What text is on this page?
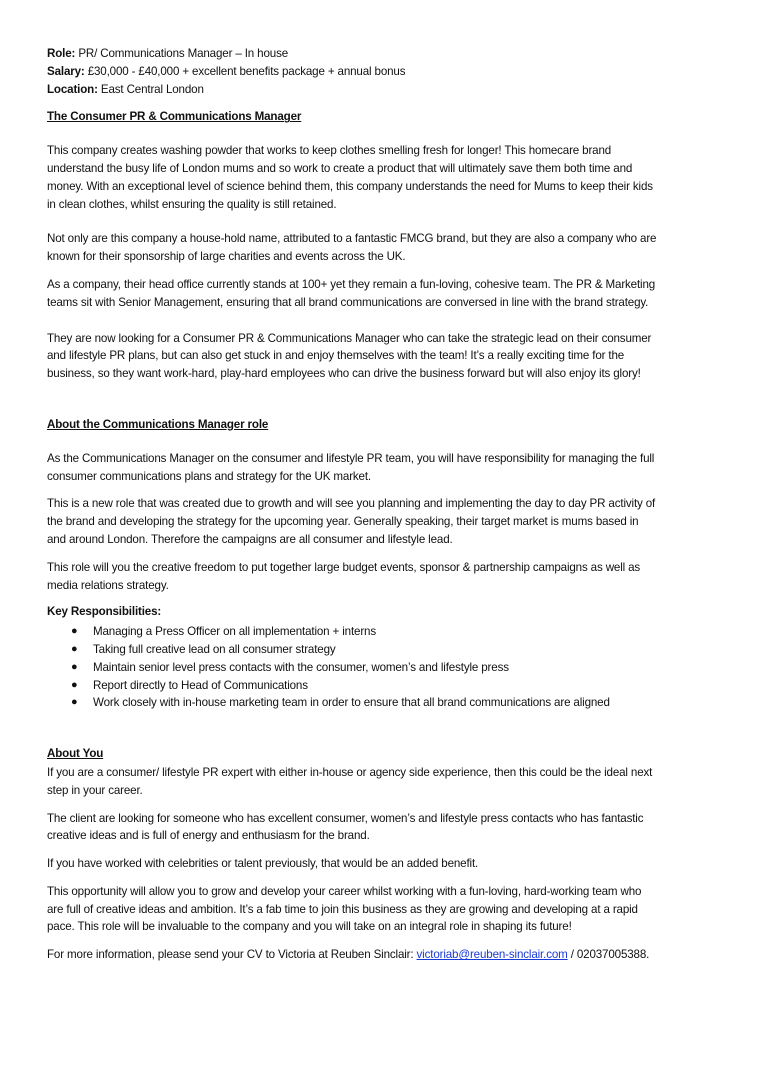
Role: PR/ Communications Manager – In house
Salary: £30,000 - £40,000 + excellent benefits package + annual bonus
Location: East Central London
The Consumer PR & Communications Manager

This company creates washing powder that works to keep clothes smelling fresh for longer! This homecare brand
understand the busy life of London mums and so work to create a product that will ultimately save them both time and
money. With an exceptional level of science behind them, this company understands the need for Mums to keep their kids
in clean clothes, whilst ensuring the quality is still retained.

Not only are this company a house-hold name, attributed to a fantastic FMCG brand, but they are also a company who are
known for their sponsorship of large charities and events across the UK.

As a company, their head office currently stands at 100+ yet they remain a fun-loving, cohesive team. The PR & Marketing
teams sit with Senior Management, ensuring that all brand communications are conversed in line with the brand strategy.

They are now looking for a Consumer PR & Communications Manager who can take the strategic lead on their consumer
and lifestyle PR plans, but can also get stuck in and enjoy themselves with the team! It’s a really exciting time for the
business, so they want work-hard, play-hard employees who can drive the business forward but will also enjoy its glory!

About the Communications Manager role

As the Communications Manager on the consumer and lifestyle PR team, you will have responsibility for managing the full
consumer communications plans and strategy for the UK market.

This is a new role that was created due to growth and will see you planning and implementing the day to day PR activity of
the brand and developing the strategy for the upcoming year. Generally speaking, their target market is mums based in
and around London. Therefore the campaigns are all consumer and lifestyle lead.

This role will you the creative freedom to put together large budget events, sponsor & partnership campaigns as well as
media relations strategy.

Key Responsibilities:
● Managing a Press Officer on all implementation + interns
● Taking full creative lead on all consumer strategy
● Maintain senior level press contacts with the consumer, women’s and lifestyle press
● Report directly to Head of Communications
● Work closely with in-house marketing team in order to ensure that all brand communications are aligned
About You

If you are a consumer/ lifestyle PR expert with either in-house or agency side experience, then this could be the ideal next
step in your career.

The client are looking for someone who has excellent consumer, women’s and lifestyle press contacts who has fantastic
creative ideas and is full of energy and enthusiasm for the brand.

If you have worked with celebrities or talent previously, that would be an added benefit.

This opportunity will allow you to grow and develop your career whilst working with a fun-loving, hard-working team who
are full of creative ideas and ambition. It’s a fab time to join this business as they are growing and developing at a rapid
pace. This role will be invaluable to the company and you will take on an integral role in shaping its future!

For more information, please send your CV to Victoria at Reuben Sinclair: victoriab@reuben-sinclair.com / 02037005388.
